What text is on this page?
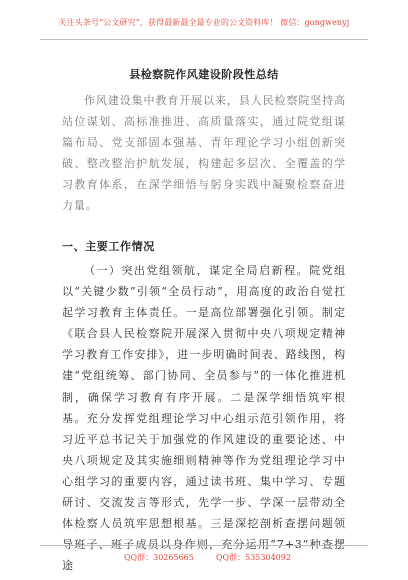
关注头条号“公文研究”，获得最新最全最专业的公文资料库！ 微信：gongwenyj
县检察院作风建设阶段性总结

作风建设集中教育开展以来，县人民检察院坚持高站位谋划、高标准推进、高质量落实，通过院党组谋篇布局、党支部固本强基、青年理论学习小组创新突破、整改整治护航发展，构建起多层次、全覆盖的学习教育体系，在深学细悟与躬身实践中凝聚检察奋进力量。

一、主要工作情况

（一）突出党组领航，谋定全局启新程。院党组以“关键少数”引领“全员行动”，用高度的政治自觉扛起学习教育主体责任。一是高位部署强化引领。制定《联合县人民检察院开展深入贯彻中央八项规定精神学习教育工作安排》，进一步明确时间表、路线图，构建“党组统筹、部门协同、全员参与”的一体化推进机制，确保学习教育有序开展。二是深学细悟筑牢根基。充分发挥党组理论学习中心组示范引领作用，将习近平总书记关于加强党的作风建设的重要论述、中央八项规定及其实施细则精神等作为党组理论学习中心组学习的重要内容，通过读书班、集中学习、专题研讨、交流发言等形式，先学一步、学深一层带动全体检察人员筑牢思想根基。三是深挖剖析查摆问题领导班子、班子成员以身作则，充分运用“7+3”种查摆途

QQ群：30265665	QQ群：535304092
